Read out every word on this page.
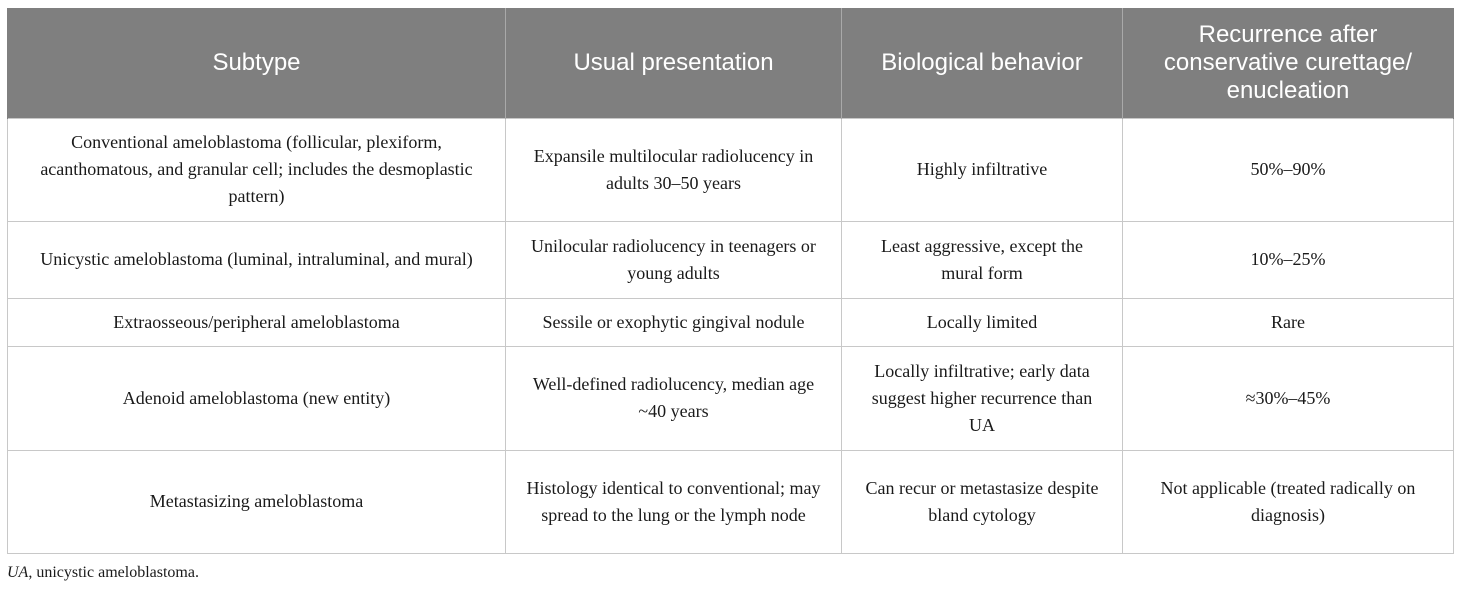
Subtype	Usual presentation	Biological behavior	Recurrence after conservative curettage/ enucleation
Conventional ameloblastoma (follicular, plexiform, acanthomatous, and granular cell; includes the desmoplastic pattern)	Expansile multilocular radiolucency in adults 30–50 years	Highly infiltrative	50%–90%
Unicystic ameloblastoma (luminal, intraluminal, and mural)	Unilocular radiolucency in teenagers or young adults	Least aggressive, except the mural form	10%–25%
Extraosseous/peripheral ameloblastoma	Sessile or exophytic gingival nodule	Locally limited	Rare
Adenoid ameloblastoma (new entity)	Well-defined radiolucency, median age ~40 years	Locally infiltrative; early data suggest higher recurrence than UA	≈30%–45%
Metastasizing ameloblastoma	Histology identical to conventional; may spread to the lung or the lymph node	Can recur or metastasize despite bland cytology	Not applicable (treated radically on diagnosis)
UA, unicystic ameloblastoma.
